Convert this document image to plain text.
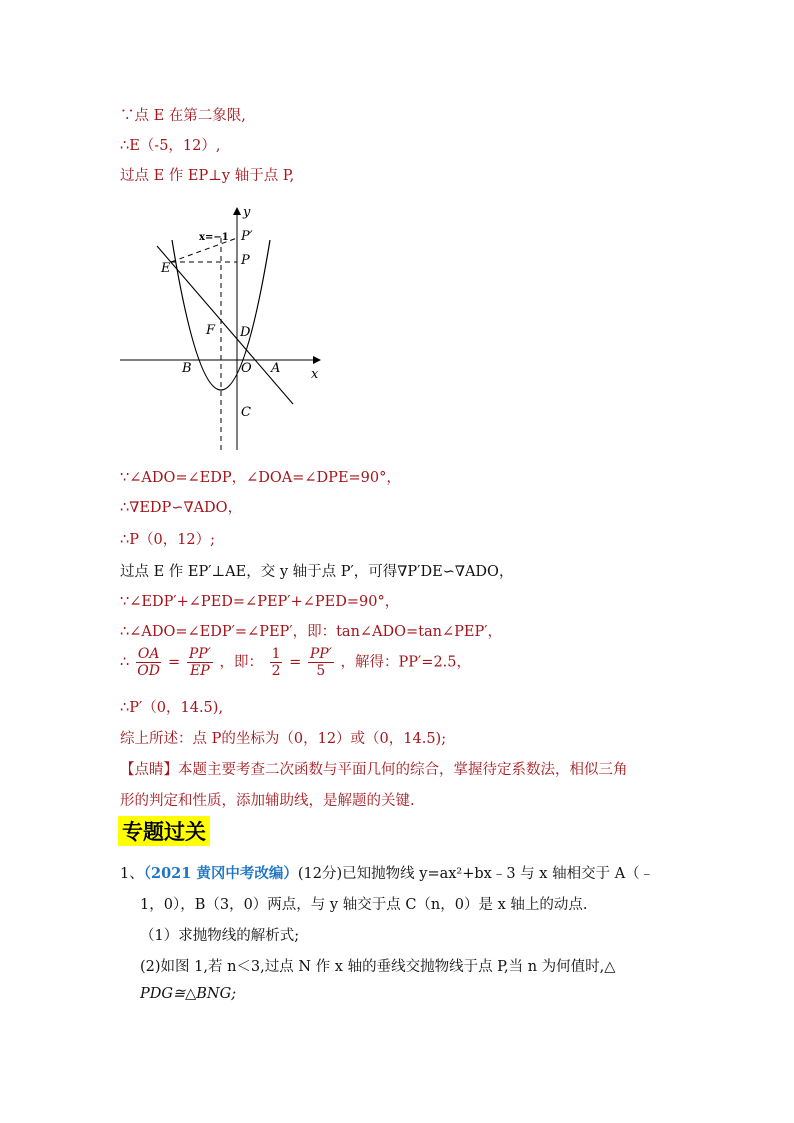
∵点 E 在第二象限,
∴E（-5，12）,
过点 E 作 EP⊥y 轴于点 P,
y
x
x=−1 P′
P
E
F D
B	O A
C
∵∠ADO=∠EDP，∠DOA=∠DPE=90°，
∴∇EDP∽∇ADO，
∴P（0，12）;
过点 E 作 EP′⊥AE，交 y 轴于点 P′，可得∇P′DE∽∇ADO，
∵∠EDP′+∠PED=∠PEP′+∠PED=90°，
∴∠ADO=∠EDP′=∠PEP′，即：tan∠ADO=tan∠PEP′，
∴ $\frac{OA}{OD} = \frac{PP'}{EP}$ ，即： $\frac{1}{2} = \frac{PP'}{5}$ ，解得：PP′=2.5，
∴P′（0，14.5),
综上所述：点 P的坐标为（0，12）或（0，14.5);
【点睛】本题主要考查二次函数与平面几何的综合，掌握待定系数法，相似三角
形的判定和性质，添加辅助线，是解题的关键.
专题过关
1、（2021 黄冈中考改编）(12分)已知抛物线 y=ax²+bx﹣3 与 x 轴相交于 A（﹣
1，0），B（3，0）两点，与 y 轴交于点 C（n，0）是 x 轴上的动点.
（1）求抛物线的解析式;
(2)如图 1,若 n＜3,过点 N 作 x 轴的垂线交抛物线于点 P,当 n 为何值时,△
PDG≅△BNG;
